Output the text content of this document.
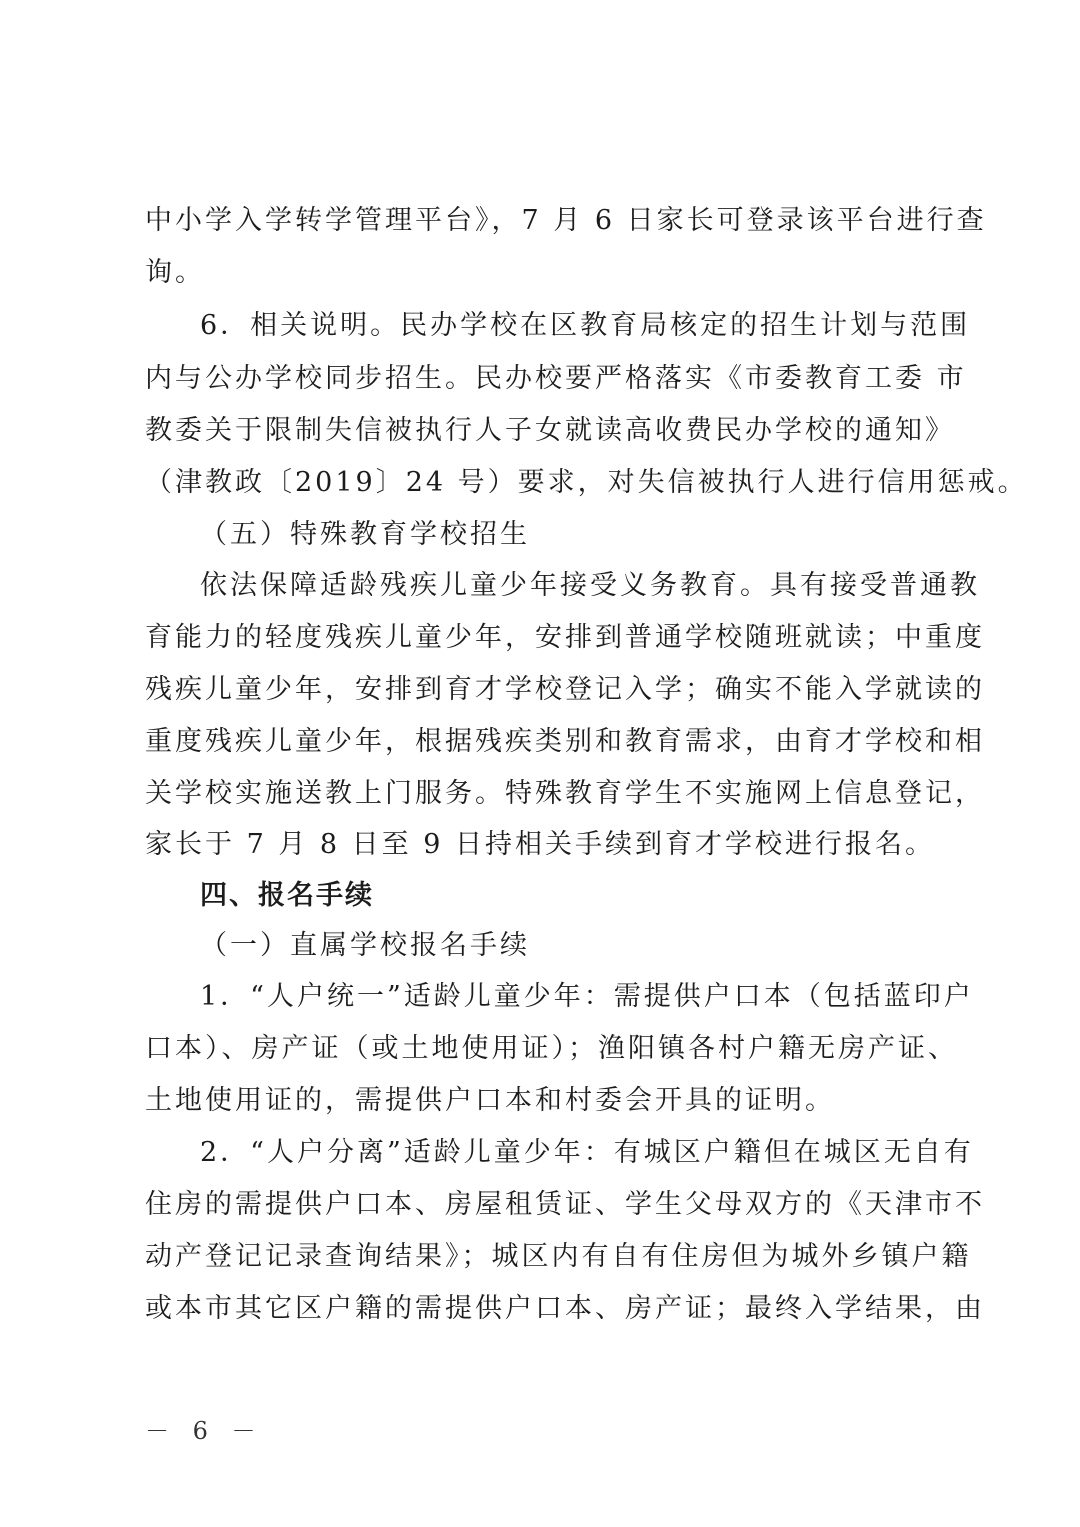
中小学入学转学管理平台》，7 月 6 日家长可登录该平台进行查
询。
6．相关说明。民办学校在区教育局核定的招生计划与范围
内与公办学校同步招生。民办校要严格落实《市委教育工委 市
教委关于限制失信被执行人子女就读高收费民办学校的通知》
（津教政〔2019〕24 号）要求，对失信被执行人进行信用惩戒。
（五）特殊教育学校招生
依法保障适龄残疾儿童少年接受义务教育。具有接受普通教
育能力的轻度残疾儿童少年，安排到普通学校随班就读；中重度
残疾儿童少年，安排到育才学校登记入学；确实不能入学就读的
重度残疾儿童少年，根据残疾类别和教育需求，由育才学校和相
关学校实施送教上门服务。特殊教育学生不实施网上信息登记，
家长于 7 月 8 日至 9 日持相关手续到育才学校进行报名。
四、报名手续
（一）直属学校报名手续
1．“人户统一”适龄儿童少年：需提供户口本（包括蓝印户
口本）、房产证（或土地使用证）；渔阳镇各村户籍无房产证、
土地使用证的，需提供户口本和村委会开具的证明。
2．“人户分离”适龄儿童少年：有城区户籍但在城区无自有
住房的需提供户口本、房屋租赁证、学生父母双方的《天津市不
动产登记记录查询结果》；城区内有自有住房但为城外乡镇户籍
或本市其它区户籍的需提供户口本、房产证；最终入学结果，由
－ 6 －
